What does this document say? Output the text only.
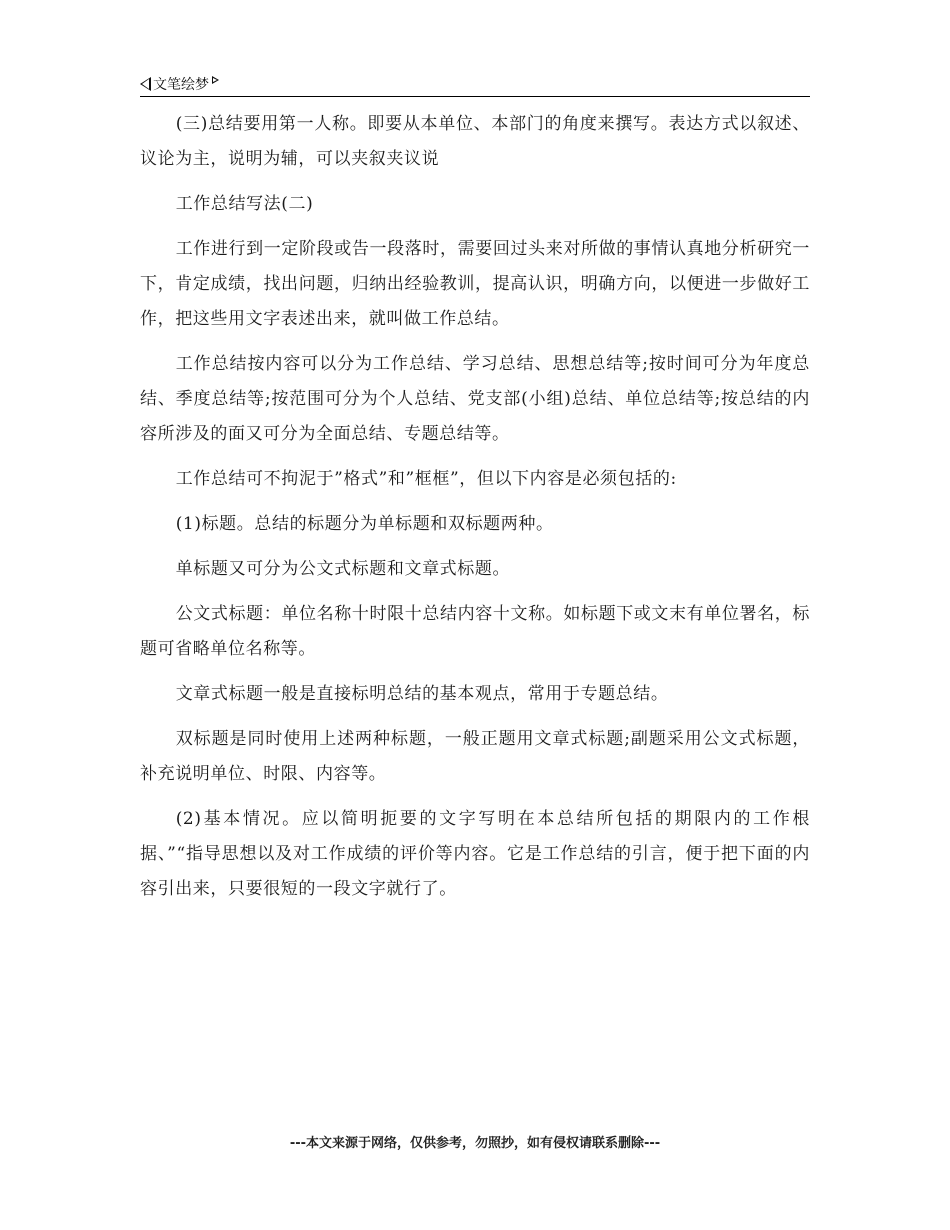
文笔绘梦

(三)总结要用第一人称。即要从本单位、本部门的角度来撰写。表达方式以叙述、议论为主，说明为辅，可以夹叙夹议说

工作总结写法(二)

工作进行到一定阶段或告一段落时，需要回过头来对所做的事情认真地分析研究一下，肯定成绩，找出问题，归纳出经验教训，提高认识，明确方向，以便进一步做好工作，把这些用文字表述出来，就叫做工作总结。

工作总结按内容可以分为工作总结、学习总结、思想总结等;按时间可分为年度总结、季度总结等;按范围可分为个人总结、党支部(小组)总结、单位总结等;按总结的内容所涉及的面又可分为全面总结、专题总结等。

工作总结可不拘泥于”格式”和”框框”，但以下内容是必须包括的:

(1)标题。总结的标题分为单标题和双标题两种。

单标题又可分为公文式标题和文章式标题。

公文式标题：单位名称十时限十总结内容十文称。如标题下或文末有单位署名，标题可省略单位名称等。

文章式标题一般是直接标明总结的基本观点，常用于专题总结。

双标题是同时使用上述两种标题，一般正题用文章式标题;副题采用公文式标题，补充说明单位、时限、内容等。

(2)基本情况。应以简明扼要的文字写明在本总结所包括的期限内的工作根据、”“指导思想以及对工作成绩的评价等内容。它是工作总结的引言，便于把下面的内容引出来，只要很短的一段文字就行了。

---本文来源于网络，仅供参考，勿照抄，如有侵权请联系删除---
